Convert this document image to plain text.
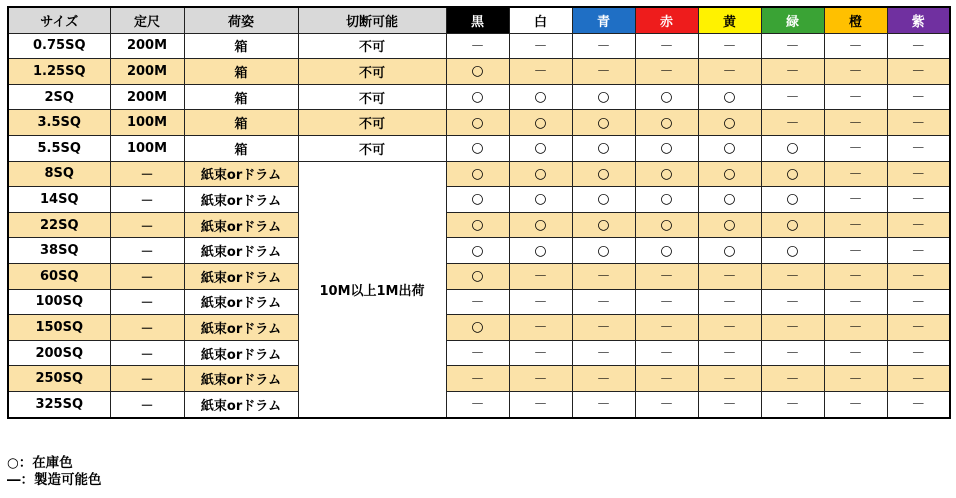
サイズ	定尺	荷姿	切断可能	黒	白	青	赤	黄	緑	橙	紫
0.75SQ	200M	箱	不可	－	－	－	－	－	－	－	－
1.25SQ	200M	箱	不可	○	－	－	－	－	－	－	－
2SQ	200M	箱	不可	○	○	○	○	○	－	－	－
3.5SQ	100M	箱	不可	○	○	○	○	○	－	－	－
5.5SQ	100M	箱	不可	○	○	○	○	○	○	－	－
8SQ	－	紙束orドラム	10M以上1M出荷	○	○	○	○	○	○	－	－
14SQ	－	紙束orドラム		○	○	○	○	○	○	－	－
22SQ	－	紙束orドラム		○	○	○	○	○	○	－	－
38SQ	－	紙束orドラム		○	○	○	○	○	○	－	－
60SQ	－	紙束orドラム		○	－	－	－	－	－	－	－
100SQ	－	紙束orドラム		－	－	－	－	－	－	－	－
150SQ	－	紙束orドラム		○	－	－	－	－	－	－	－
200SQ	－	紙束orドラム		－	－	－	－	－	－	－	－
250SQ	－	紙束orドラム		－	－	－	－	－	－	－	－
325SQ	－	紙束orドラム		－	－	－	－	－	－	－	－
○：在庫色
―：製造可能色
